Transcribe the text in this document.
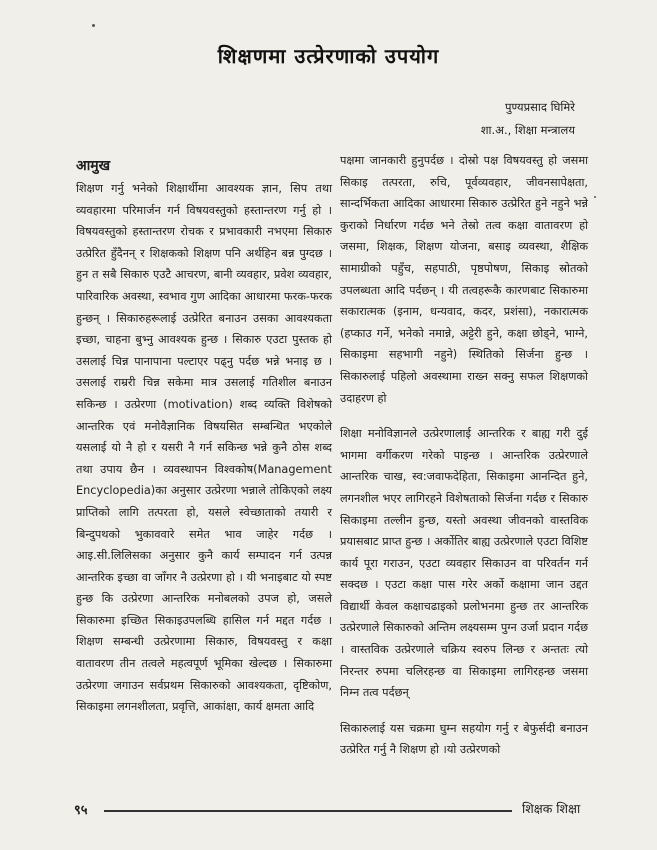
शिक्षणमा उत्प्रेरणाको उपयोग
पुण्यप्रसाद घिमिरे
शा.अ., शिक्षा मन्त्रालय
आमुख

शिक्षण गर्नु भनेको शिक्षार्थीमा आवश्यक ज्ञान, सिप तथा व्यवहारमा परिमार्जन गर्न विषयवस्तुको हस्तान्तरण गर्नु हो । विषयवस्तुको हस्तान्तरण रोचक र प्रभावकारी नभएमा सिकारु उत्प्रेरित हुँदैनन् र शिक्षकको शिक्षण पनि अर्थहिन बन्न पुग्दछ । हुन त सबै सिकारु एउटै आचरण, बानी व्यवहार, प्रवेश व्यवहार, पारिवारिक अवस्था, स्वभाव गुण आदिका आधारमा फरक-फरक हुन्छन् । सिकारुहरूलाई उत्प्रेरित बनाउन उसका आवश्यकता इच्छा, चाहना बुभ्नु आवश्यक हुन्छ । सिकारु एउटा पुस्तक हो उसलाई चिन्न पानापाना पल्टाएर पढ्नु पर्दछ भन्ने भनाइ छ । उसलाई राम्ररी चिन्न सकेमा मात्र उसलाई गतिशील बनाउन सकिन्छ । उत्प्रेरणा (motivation) शब्द व्यक्ति विशेषको आन्तरिक एवं मनोवैज्ञानिक विषयसित सम्बन्धित भएकोले यसलाई यो नै हो र यसरी नै गर्न सकिन्छ भन्ने कुनै ठोस शब्द तथा उपाय छैन । व्यवस्थापन विश्वकोष(Management Encyclopedia)का अनुसार उत्प्रेरणा भन्नाले तोकिएको लक्ष्य प्राप्तिको लागि तत्परता हो, यसले स्वेच्छाताको तयारी र बिन्दुपथको भुकाववारे समेत भाव जाहेर गर्दछ । आइ.सी.लिलिसका अनुसार कुनै कार्य सम्पादन गर्न उत्पन्न आन्तरिक इच्छा वा जाँगर नै उत्प्रेरणा हो । यी भनाइबाट यो स्पष्ट हुन्छ कि उत्प्रेरणा आन्तरिक मनोबलको उपज हो, जसले सिकारुमा इच्छित सिकाइउपलब्धि हासिल गर्न मद्दत गर्दछ । शिक्षण सम्बन्धी उत्प्रेरणामा सिकारु, विषयवस्तु र कक्षा वातावरण तीन तत्वले महत्वपूर्ण भूमिका खेल्दछ । सिकारुमा उत्प्रेरणा जगाउन सर्वप्रथम सिकारुको आवश्यकता, दृष्टिकोण, सिकाइमा लगनशीलता, प्रवृत्ति, आकांक्षा, कार्य क्षमता आदि

पक्षमा जानकारी हुनुपर्दछ । दोस्रो पक्ष विषयवस्तु हो जसमा सिकाइ तत्परता, रुचि, पूर्वव्यवहार, जीवनसापेक्षता, सान्दर्भिकता आदिका आधारमा सिकारु उत्प्रेरित हुने नहुने भन्ने कुराको निर्धारण गर्दछ भने तेस्रो तत्व कक्षा वातावरण हो जसमा, शिक्षक, शिक्षण योजना, बसाइ व्यवस्था, शैक्षिक सामाग्रीको पहुँच, सहपाठी, पृष्ठपोषण, सिकाइ स्रोतको उपलब्धता आदि पर्दछन् । यी तत्वहरूकै कारणबाट सिकारुमा सकारात्मक (इनाम, धन्यवाद, कदर, प्रशंसा), नकारात्मक (हप्काउ गर्ने, भनेको नमान्ने, अट्टेरी हुने, कक्षा छोड्ने, भाग्ने, सिकाइमा सहभागी नहुने) स्थितिको सिर्जना हुन्छ । सिकारुलाई पहिलो अवस्थामा राख्न सक्नु सफल शिक्षणको उदाहरण हो

शिक्षा मनोविज्ञानले उत्प्रेरणालाई आन्तरिक र बाह्य गरी दुई भागमा वर्गीकरण गरेको पाइन्छ । आन्तरिक उत्प्रेरणाले आन्तरिक चाख, स्व:जवाफदेहिता, सिकाइमा आनन्दित हुने, लगनशील भएर लागिरहने विशेषताको सिर्जना गर्दछ र सिकारु सिकाइमा तल्लीन हुन्छ, यस्तो अवस्था जीवनको वास्तविक प्रयासबाट प्राप्त हुन्छ । अर्कोतिर बाह्य उत्प्रेरणाले एउटा विशिष्ट कार्य पूरा गराउन, एउटा व्यवहार सिकाउन वा परिवर्तन गर्न सक्दछ । एउटा कक्षा पास गरेर अर्को कक्षामा जान उद्दत विद्यार्थी केवल कक्षाचढाइको प्रलोभनमा हुन्छ तर आन्तरिक उत्प्रेरणाले सिकारुको अन्तिम लक्ष्यसम्म पुग्न उर्जा प्रदान गर्दछ । वास्तविक उत्प्रेरणाले चक्रिय स्वरुप लिन्छ र अन्ततः त्यो निरन्तर रुपमा चलिरहन्छ वा सिकाइमा लागिरहन्छ जसमा निम्न तत्व पर्दछन्

सिकारुलाई यस चक्रमा घुम्न सहयोग गर्नु र बेफुर्सदी बनाउन उत्प्रेरित गर्नु नै शिक्षण हो ।यो उत्प्रेरणको

९५	शिक्षक शिक्षा
